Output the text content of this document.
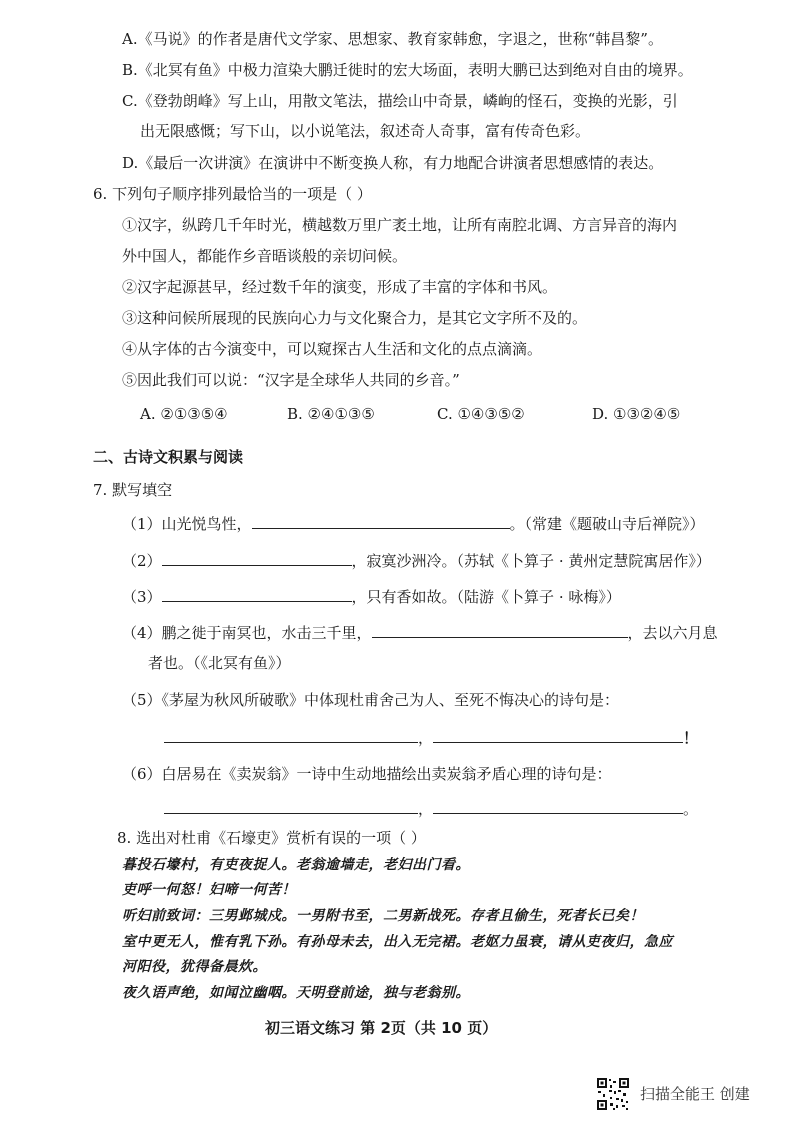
A.《马说》的作者是唐代文学家、思想家、教育家韩愈，字退之，世称“韩昌黎”。
B.《北冥有鱼》中极力渲染大鹏迁徙时的宏大场面，表明大鹏已达到绝对自由的境界。
C.《登勃朗峰》写上山，用散文笔法，描绘山中奇景，嶙峋的怪石，变换的光影，引
出无限感慨；写下山，以小说笔法，叙述奇人奇事，富有传奇色彩。
D.《最后一次讲演》在演讲中不断变换人称，有力地配合讲演者思想感情的表达。
6. 下列句子顺序排列最恰当的一项是（ ）
①汉字，纵跨几千年时光，横越数万里广袤土地，让所有南腔北调、方言异音的海内
外中国人，都能作乡音晤谈般的亲切问候。
②汉字起源甚早，经过数千年的演变，形成了丰富的字体和书风。
③这种问候所展现的民族向心力与文化聚合力，是其它文字所不及的。
④从字体的古今演变中，可以窥探古人生活和文化的点点滴滴。
⑤因此我们可以说：“汉字是全球华人共同的乡音。”
A. ②①③⑤④	B. ②④①③⑤	C. ①④③⑤②	D. ①③②④⑤
二、古诗文积累与阅读
7. 默写填空
（1）山光悦鸟性，	。（常建《题破山寺后禅院》）
（2）	，寂寞沙洲冷。（苏轼《卜算子 · 黄州定慧院寓居作》）
（3）	，只有香如故。（陆游《卜算子 · 咏梅》）
（4）鹏之徙于南冥也，水击三千里，	，去以六月息
者也。（《北冥有鱼》）
（5）《茅屋为秋风所破歌》中体现杜甫舍己为人、至死不悔决心的诗句是：
，	！
（6）白居易在《卖炭翁》一诗中生动地描绘出卖炭翁矛盾心理的诗句是：
，	。
8. 选出对杜甫《石壕吏》赏析有误的一项（ ）
暮投石壕村，有吏夜捉人。老翁逾墙走，老妇出门看。
吏呼一何怒！妇啼一何苦！
听妇前致词：三男邺城戍。一男附书至，二男新战死。存者且偷生，死者长已矣！
室中更无人，惟有乳下孙。有孙母未去，出入无完裙。老妪力虽衰，请从吏夜归，急应
河阳役，犹得备晨炊。
夜久语声绝，如闻泣幽咽。天明登前途，独与老翁别。
初三语文练习 第 2页（共 10 页）
扫描全能王 创建
